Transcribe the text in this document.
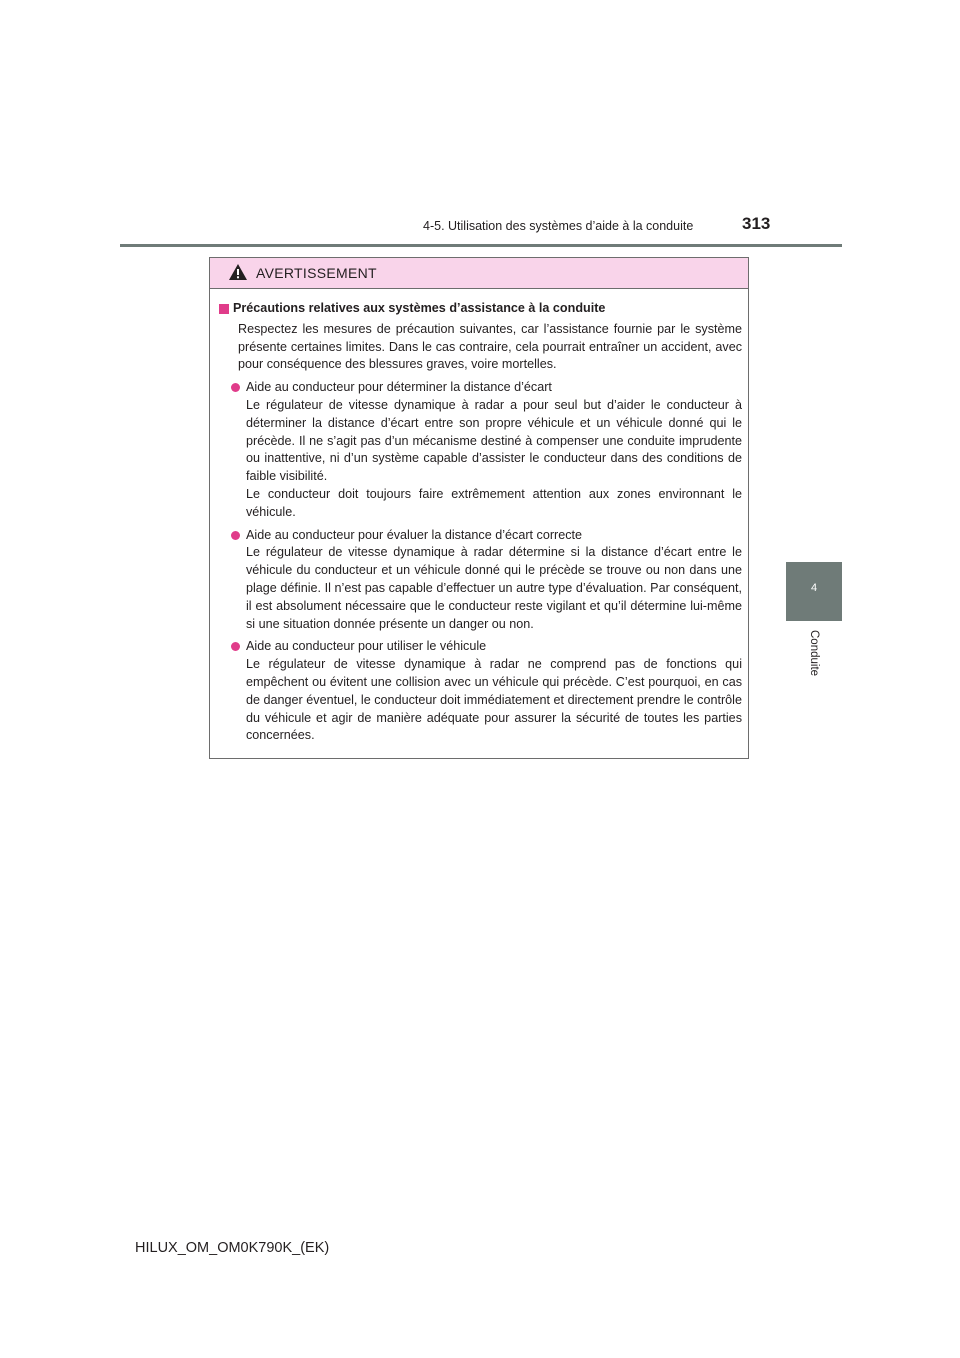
4-5. Utilisation des systèmes d’aide à la conduite	313
4
Conduite
AVERTISSEMENT
Précautions relatives aux systèmes d’assistance à la conduite
Respectez les mesures de précaution suivantes, car l’assistance fournie par le système présente certaines limites. Dans le cas contraire, cela pourrait entraîner un accident, avec pour conséquence des blessures graves, voire mortelles.
Aide au conducteur pour déterminer la distance d’écart
Le régulateur de vitesse dynamique à radar a pour seul but d’aider le conducteur à déterminer la distance d’écart entre son propre véhicule et un véhicule donné qui le précède. Il ne s’agit pas d’un mécanisme destiné à compenser une conduite imprudente ou inattentive, ni d’un système capable d’assister le conducteur dans des conditions de faible visibilité.
Le conducteur doit toujours faire extrêmement attention aux zones environnant le véhicule.
Aide au conducteur pour évaluer la distance d’écart correcte
Le régulateur de vitesse dynamique à radar détermine si la distance d’écart entre le véhicule du conducteur et un véhicule donné qui le précède se trouve ou non dans une plage définie. Il n’est pas capable d’effectuer un autre type d’évaluation. Par conséquent, il est absolument nécessaire que le conducteur reste vigilant et qu’il détermine lui-même si une situation donnée présente un danger ou non.
Aide au conducteur pour utiliser le véhicule
Le régulateur de vitesse dynamique à radar ne comprend pas de fonctions qui empêchent ou évitent une collision avec un véhicule qui précède. C’est pourquoi, en cas de danger éventuel, le conducteur doit immédiatement et directement prendre le contrôle du véhicule et agir de manière adéquate pour assurer la sécurité de toutes les parties concernées.
HILUX_OM_OM0K790K_(EK)
